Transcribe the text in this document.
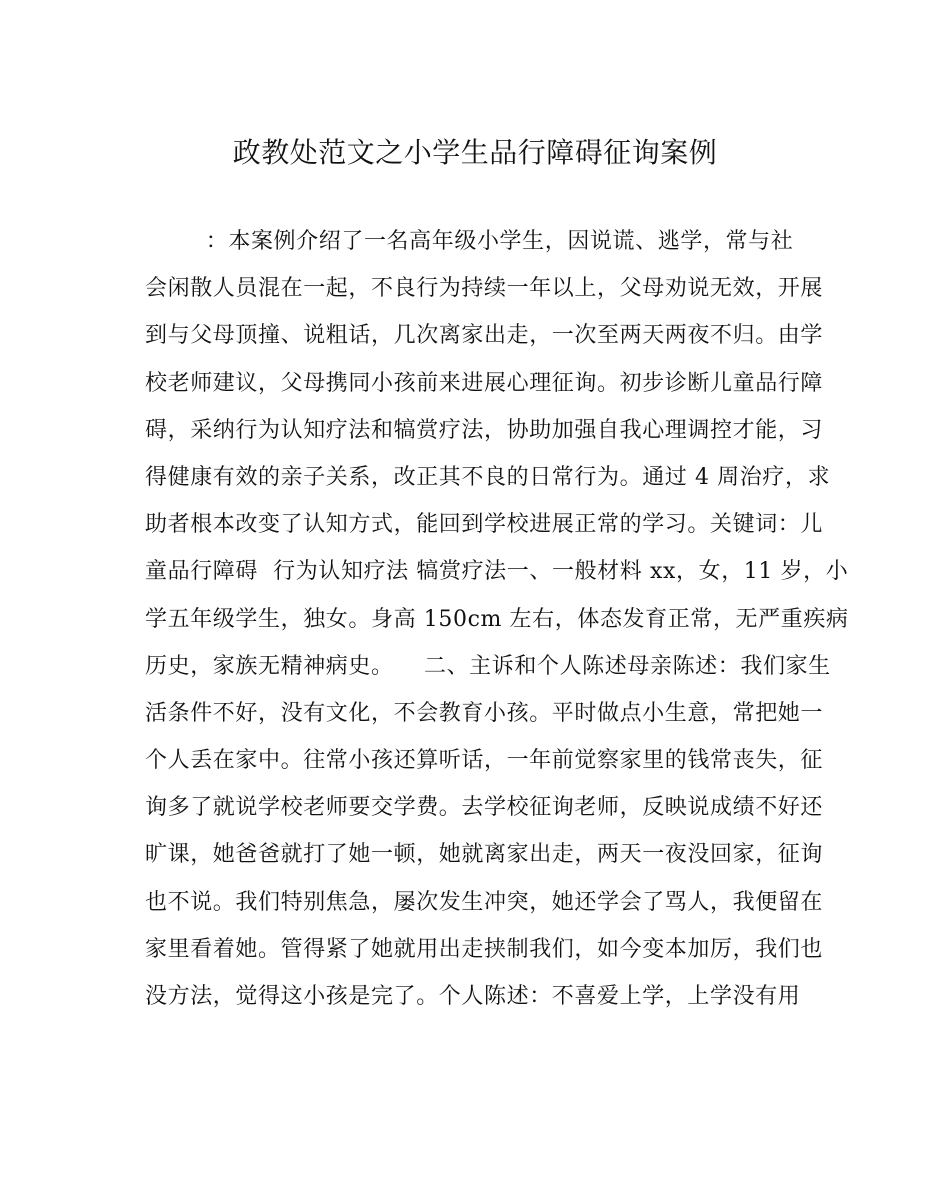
政教处范文之小学生品行障碍征询案例
：本案例介绍了一名高年级小学生，因说谎、逃学，常与社
会闲散人员混在一起，不良行为持续一年以上，父母劝说无效，开展
到与父母顶撞、说粗话，几次离家出走，一次至两天两夜不归。由学
校老师建议，父母携同小孩前来进展心理征询。初步诊断儿童品行障
碍，采纳行为认知疗法和犒赏疗法，协助加强自我心理调控才能，习
得健康有效的亲子关系，改正其不良的日常行为。通过 4 周治疗，求
助者根本改变了认知方式，能回到学校进展正常的学习。关键词：儿
童品行障碍  行为认知疗法 犒赏疗法一、一般材料 xx，女，11 岁，小
学五年级学生，独女。身高 150cm 左右，体态发育正常，无严重疾病
历史，家族无精神病史。    二、主诉和个人陈述母亲陈述：我们家生
活条件不好，没有文化，不会教育小孩。平时做点小生意，常把她一
个人丢在家中。往常小孩还算听话，一年前觉察家里的钱常丧失，征
询多了就说学校老师要交学费。去学校征询老师，反映说成绩不好还
旷课，她爸爸就打了她一顿，她就离家出走，两天一夜没回家，征询
也不说。我们特别焦急，屡次发生冲突，她还学会了骂人，我便留在
家里看着她。管得紧了她就用出走挟制我们，如今变本加厉，我们也
没方法，觉得这小孩是完了。个人陈述：不喜爱上学，上学没有用
